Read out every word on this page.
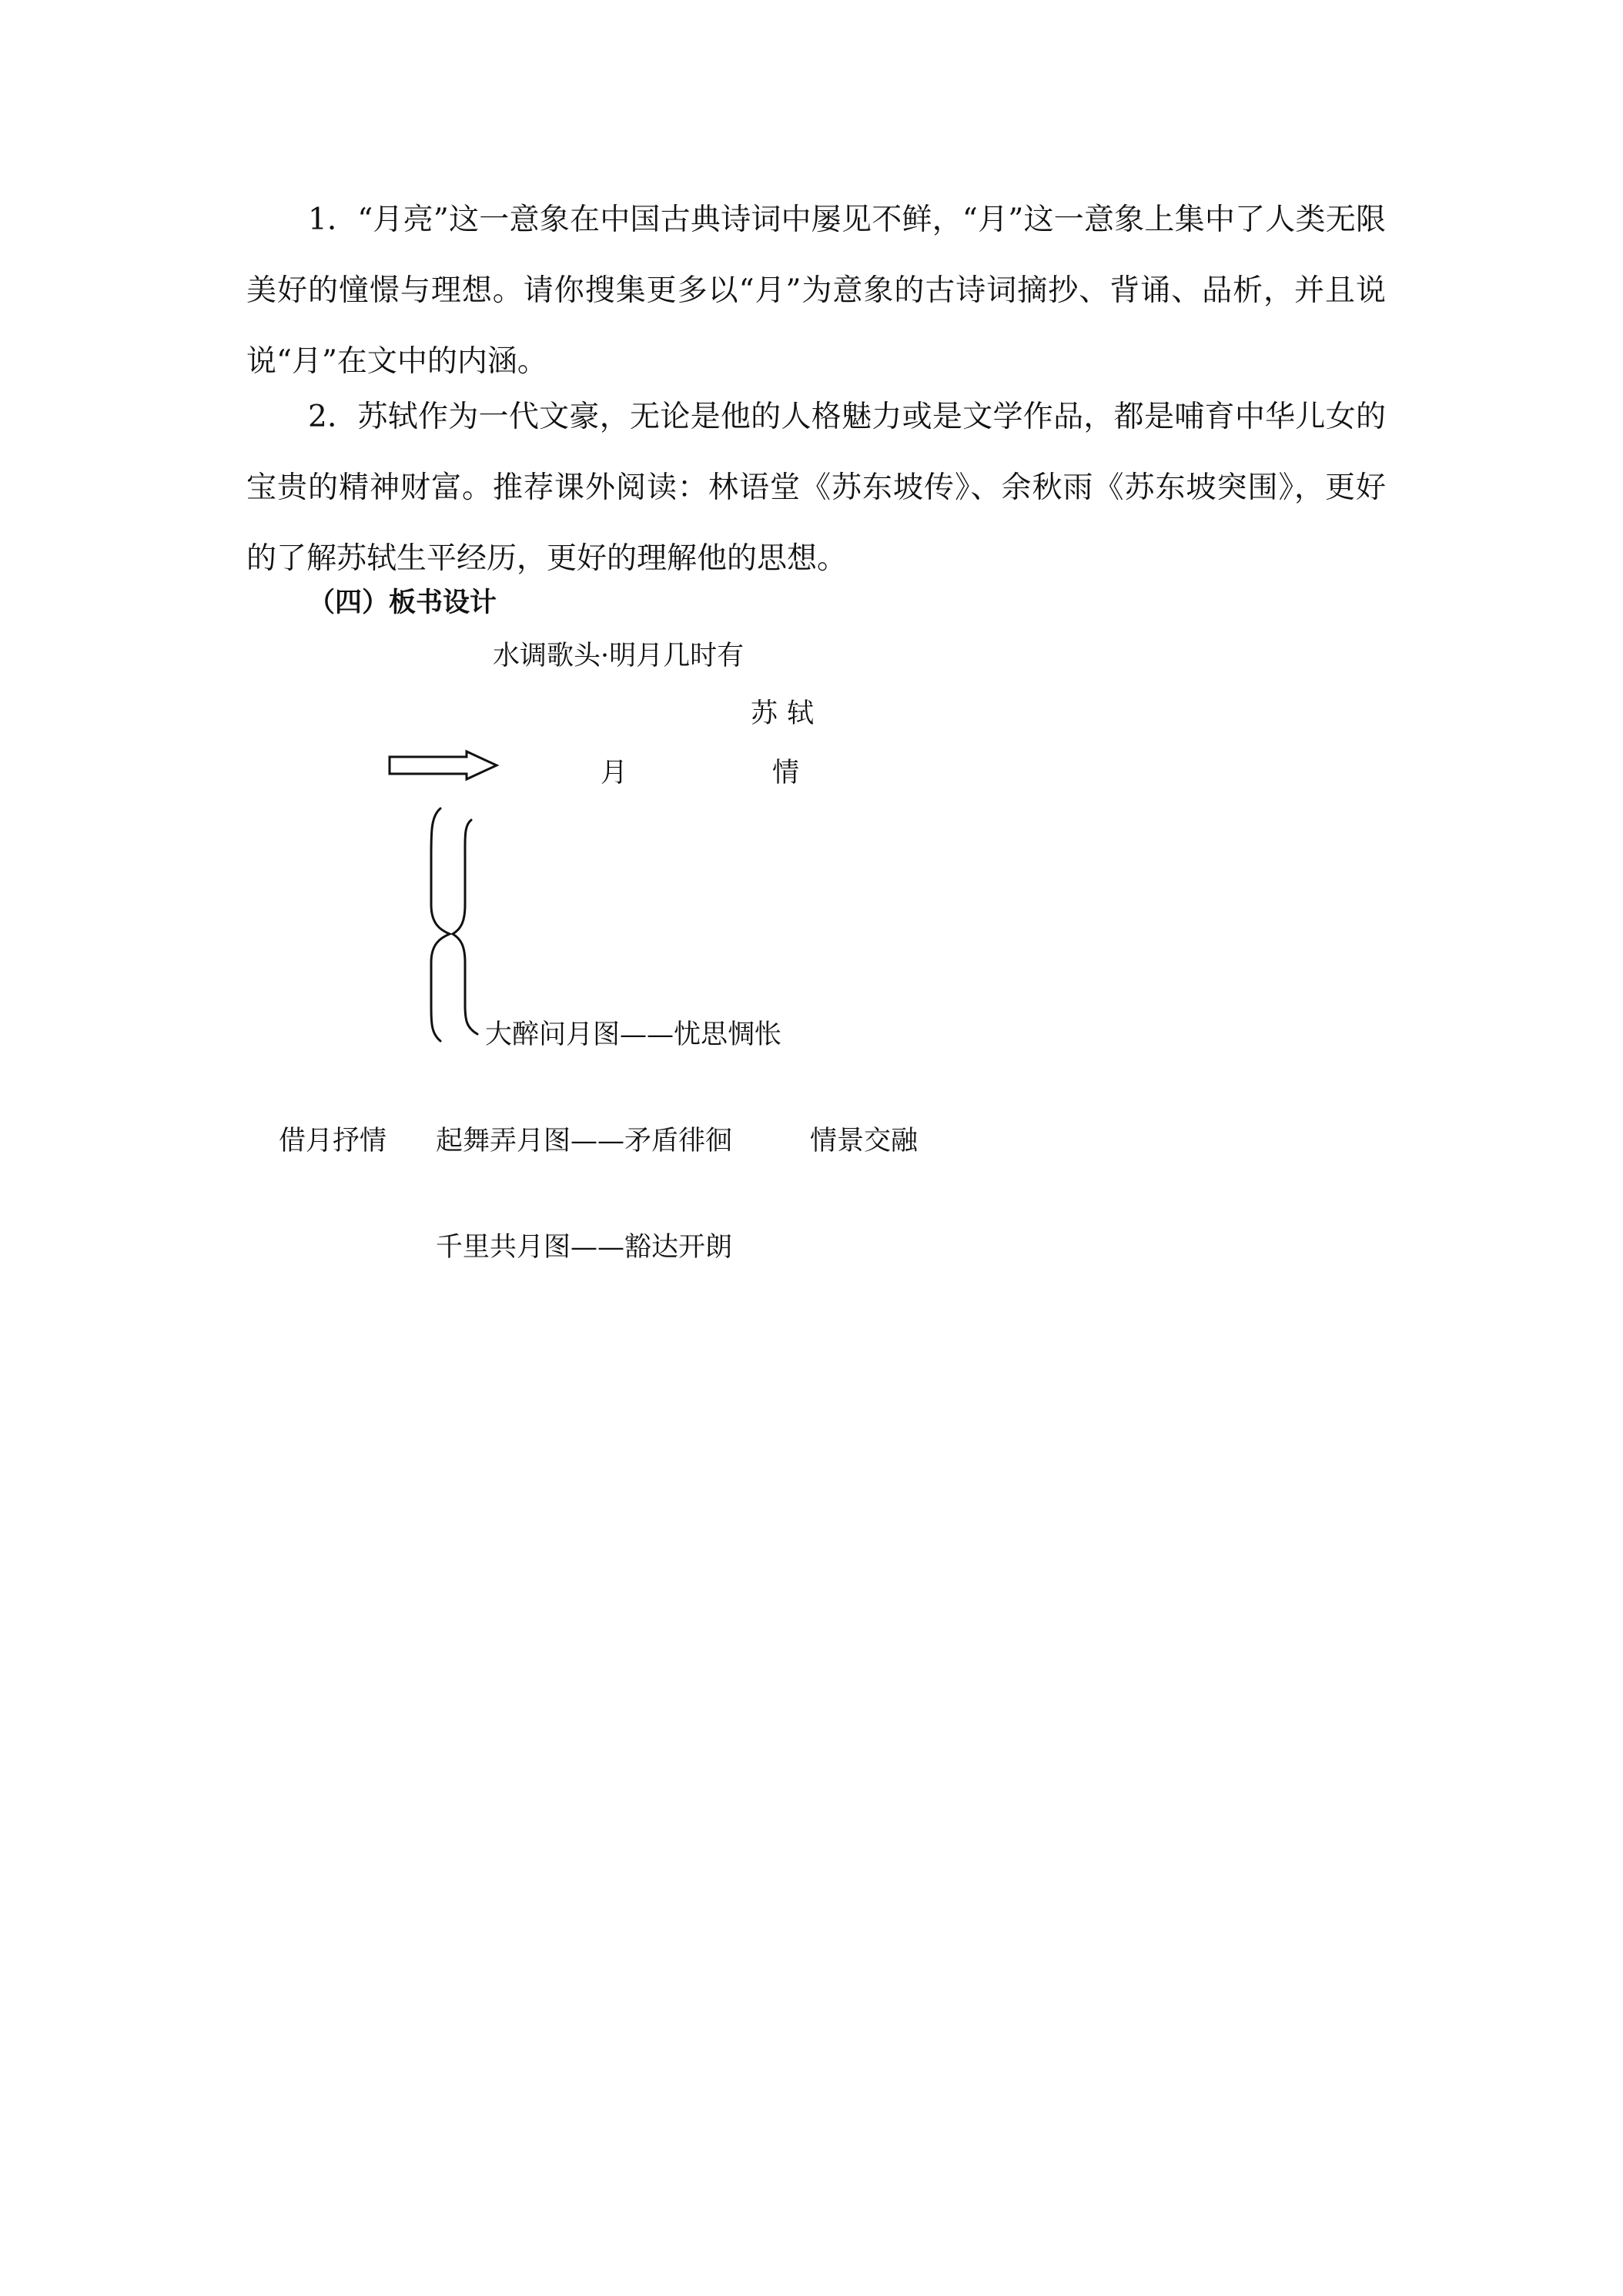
1．“月亮”这一意象在中国古典诗词中屡见不鲜，“月”这一意象上集中了人类无限美好的憧憬与理想。请你搜集更多以“月”为意象的古诗词摘抄、背诵、品析，并且说说“月”在文中的内涵。

2．苏轼作为一代文豪，无论是他的人格魅力或是文学作品，都是哺育中华儿女的宝贵的精神财富。推荐课外阅读：林语堂《苏东坡传》、余秋雨《苏东坡突围》，更好的了解苏轼生平经历，更好的理解他的思想。

（四）板书设计

水调歌头·明月几时有
苏轼
月	情
大醉问月图——忧思惆怅
借月抒情 起舞弄月图——矛盾徘徊	情景交融
千里共月图——豁达开朗
